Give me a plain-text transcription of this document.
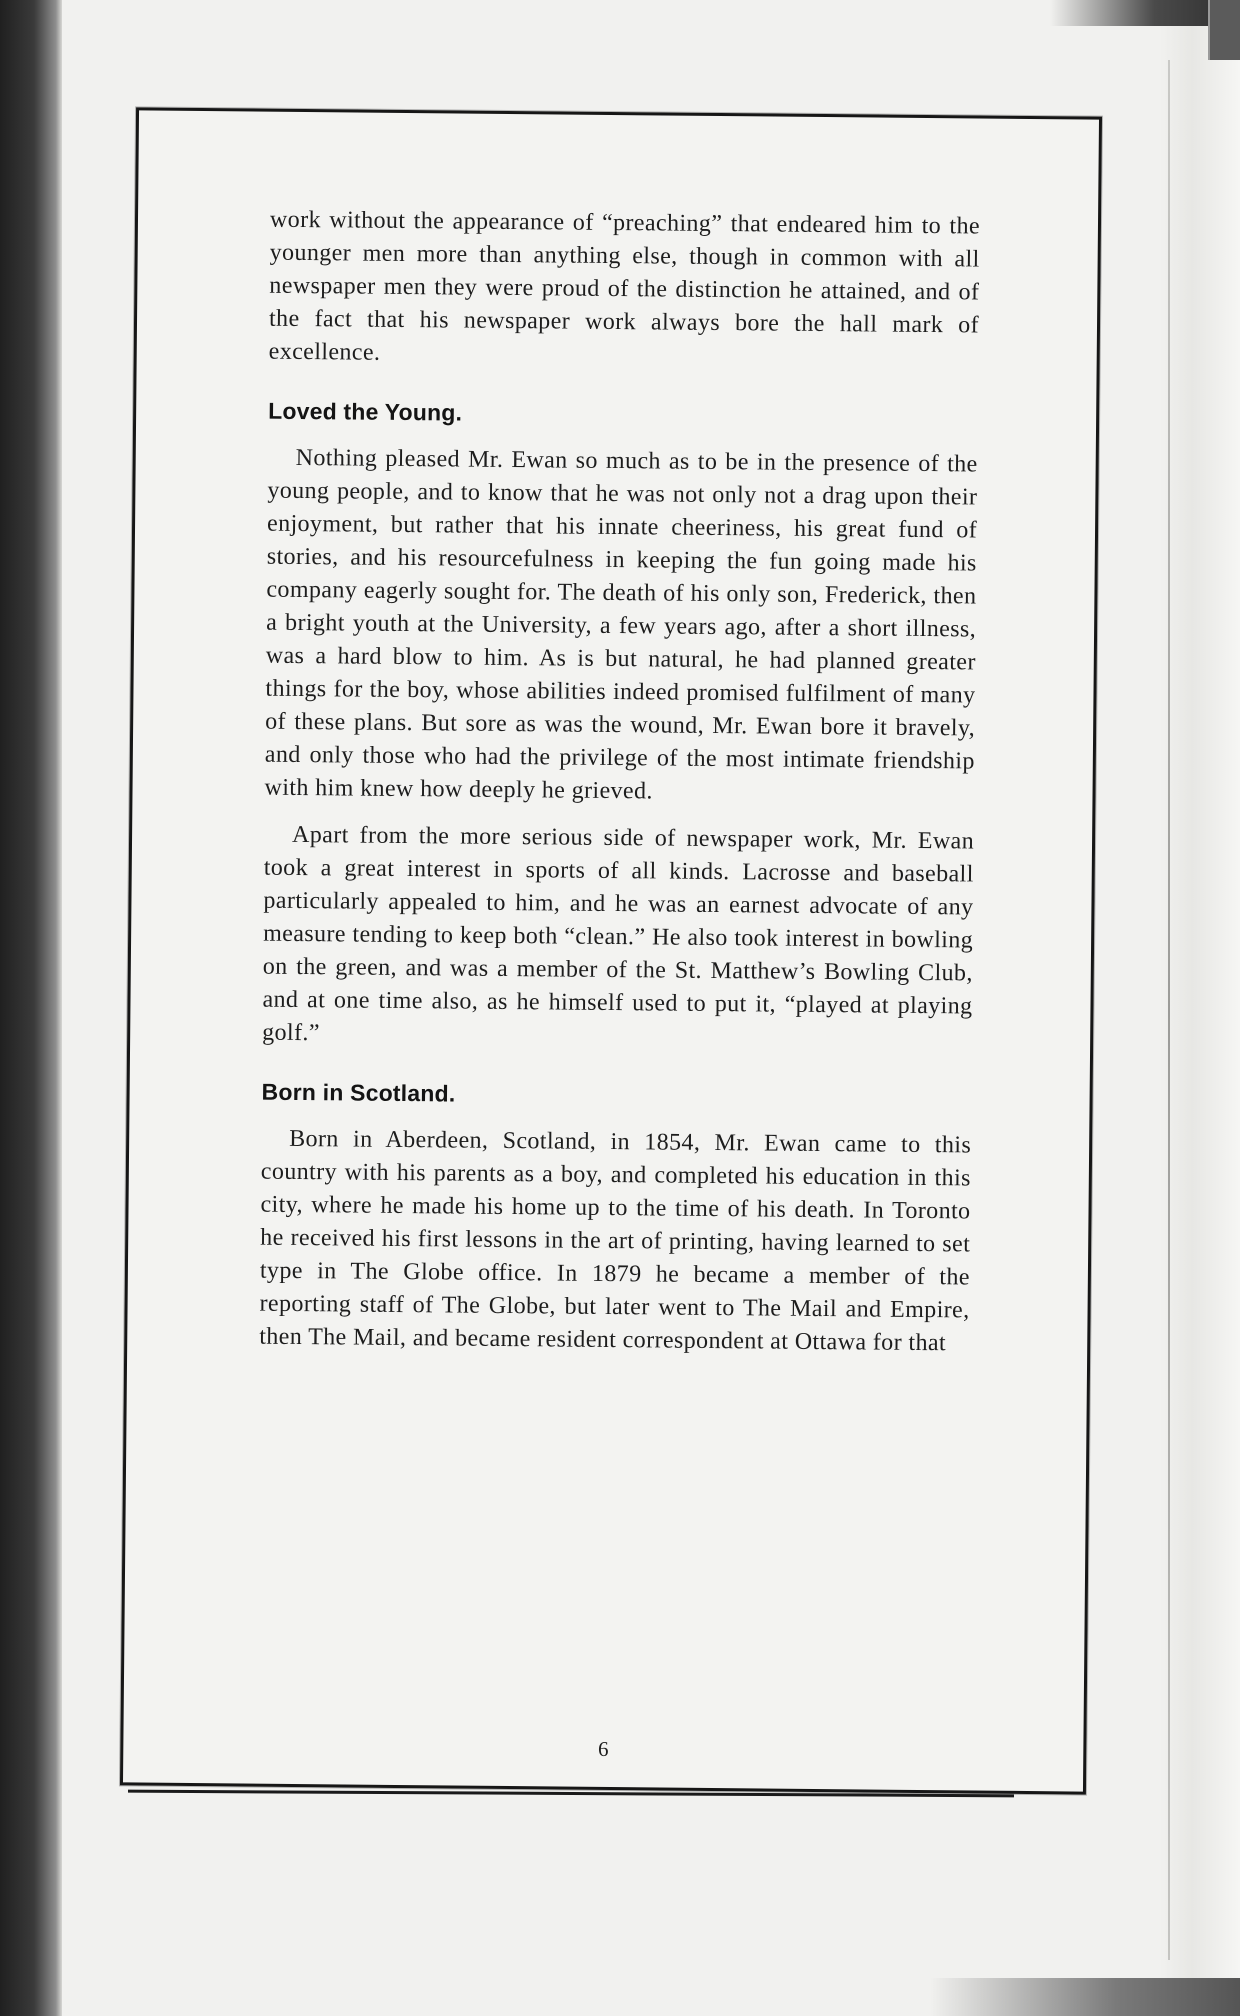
work without the appearance of “preaching” that endeared him to the younger men more than anything else, though in common with all newspaper men they were proud of the distinction he attained, and of the fact that his newspaper work always bore the hall mark of excellence.

Loved the Young.

Nothing pleased Mr. Ewan so much as to be in the presence of the young people, and to know that he was not only not a drag upon their enjoyment, but rather that his innate cheeriness, his great fund of stories, and his resourcefulness in keeping the fun going made his company eagerly sought for. The death of his only son, Frederick, then a bright youth at the University, a few years ago, after a short illness, was a hard blow to him. As is but natural, he had planned greater things for the boy, whose abilities indeed promised fulfilment of many of these plans. But sore as was the wound, Mr. Ewan bore it bravely, and only those who had the privilege of the most intimate friendship with him knew how deeply he grieved.

Apart from the more serious side of newspaper work, Mr. Ewan took a great interest in sports of all kinds. Lacrosse and baseball particularly appealed to him, and he was an earnest advocate of any measure tending to keep both “clean.” He also took interest in bowling on the green, and was a member of the St. Matthew’s Bowling Club, and at one time also, as he himself used to put it, “played at playing golf.”

Born in Scotland.

Born in Aberdeen, Scotland, in 1854, Mr. Ewan came to this country with his parents as a boy, and completed his education in this city, where he made his home up to the time of his death. In Toronto he received his first lessons in the art of printing, having learned to set type in The Globe office. In 1879 he became a member of the reporting staff of The Globe, but later went to The Mail and Empire, then The Mail, and became resident correspondent at Ottawa for that

6
